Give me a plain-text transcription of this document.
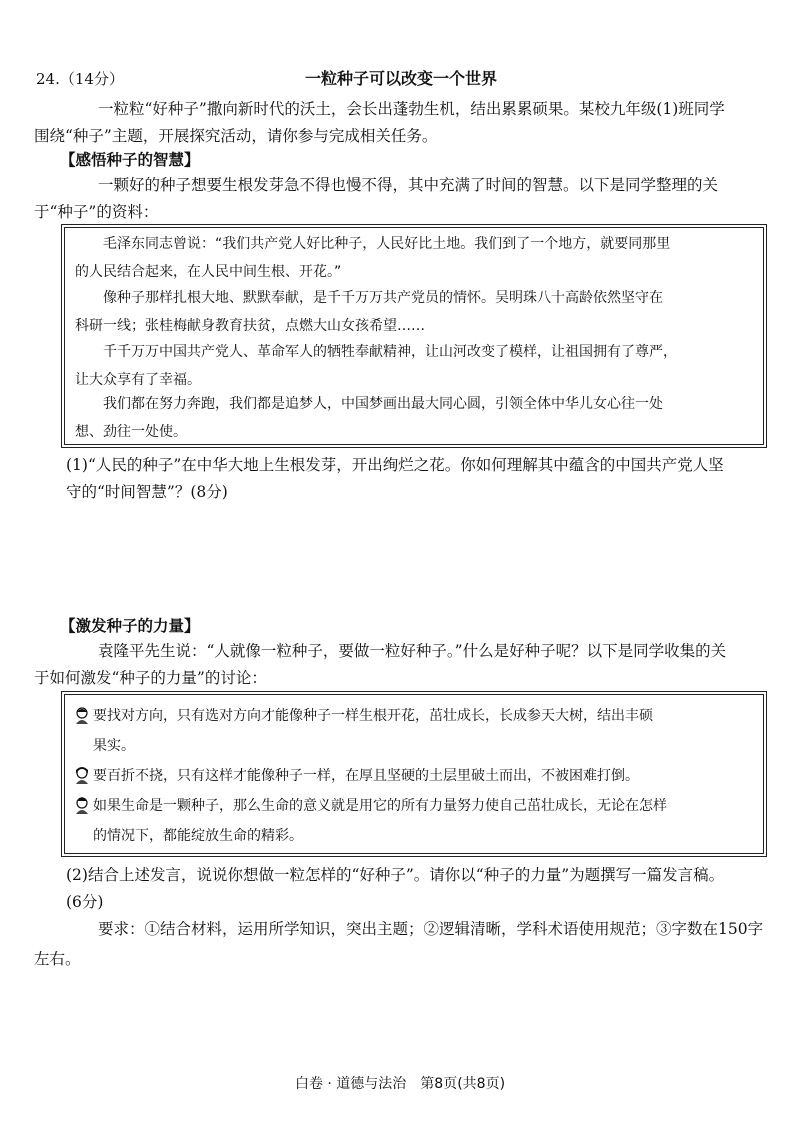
24.（14分）	一粒种子可以改变一个世界
一粒粒“好种子”撒向新时代的沃土，会长出蓬勃生机，结出累累硕果。某校九年级(1)班同学
围绕“种子”主题，开展探究活动，请你参与完成相关任务。
【感悟种子的智慧】
一颗好的种子想要生根发芽急不得也慢不得，其中充满了时间的智慧。以下是同学整理的关
于“种子”的资料：
毛泽东同志曾说：“我们共产党人好比种子，人民好比土地。我们到了一个地方，就要同那里
的人民结合起来，在人民中间生根、开花。”
像种子那样扎根大地、默默奉献，是千千万万共产党员的情怀。吴明珠八十高龄依然坚守在
科研一线；张桂梅献身教育扶贫，点燃大山女孩希望……
千千万万中国共产党人、革命军人的牺牲奉献精神，让山河改变了模样，让祖国拥有了尊严，
让大众享有了幸福。
我们都在努力奔跑，我们都是追梦人，中国梦画出最大同心圆，引领全体中华儿女心往一处
想、劲往一处使。
(1)“人民的种子”在中华大地上生根发芽，开出绚烂之花。你如何理解其中蕴含的中国共产党人坚
守的“时间智慧”？(8分)
【激发种子的力量】
袁隆平先生说：“人就像一粒种子，要做一粒好种子。”什么是好种子呢？以下是同学收集的关
于如何激发“种子的力量”的讨论：
要找对方向，只有选对方向才能像种子一样生根开花，茁壮成长，长成参天大树，结出丰硕
果实。
要百折不挠，只有这样才能像种子一样，在厚且坚硬的土层里破土而出，不被困难打倒。
如果生命是一颗种子，那么生命的意义就是用它的所有力量努力使自己茁壮成长，无论在怎样
的情况下，都能绽放生命的精彩。
(2)结合上述发言，说说你想做一粒怎样的“好种子”。请你以“种子的力量”为题撰写一篇发言稿。
(6分)
要求：①结合材料，运用所学知识，突出主题；②逻辑清晰，学科术语使用规范；③字数在150字
左右。
白卷 · 道德与法治　第8页(共8页)
